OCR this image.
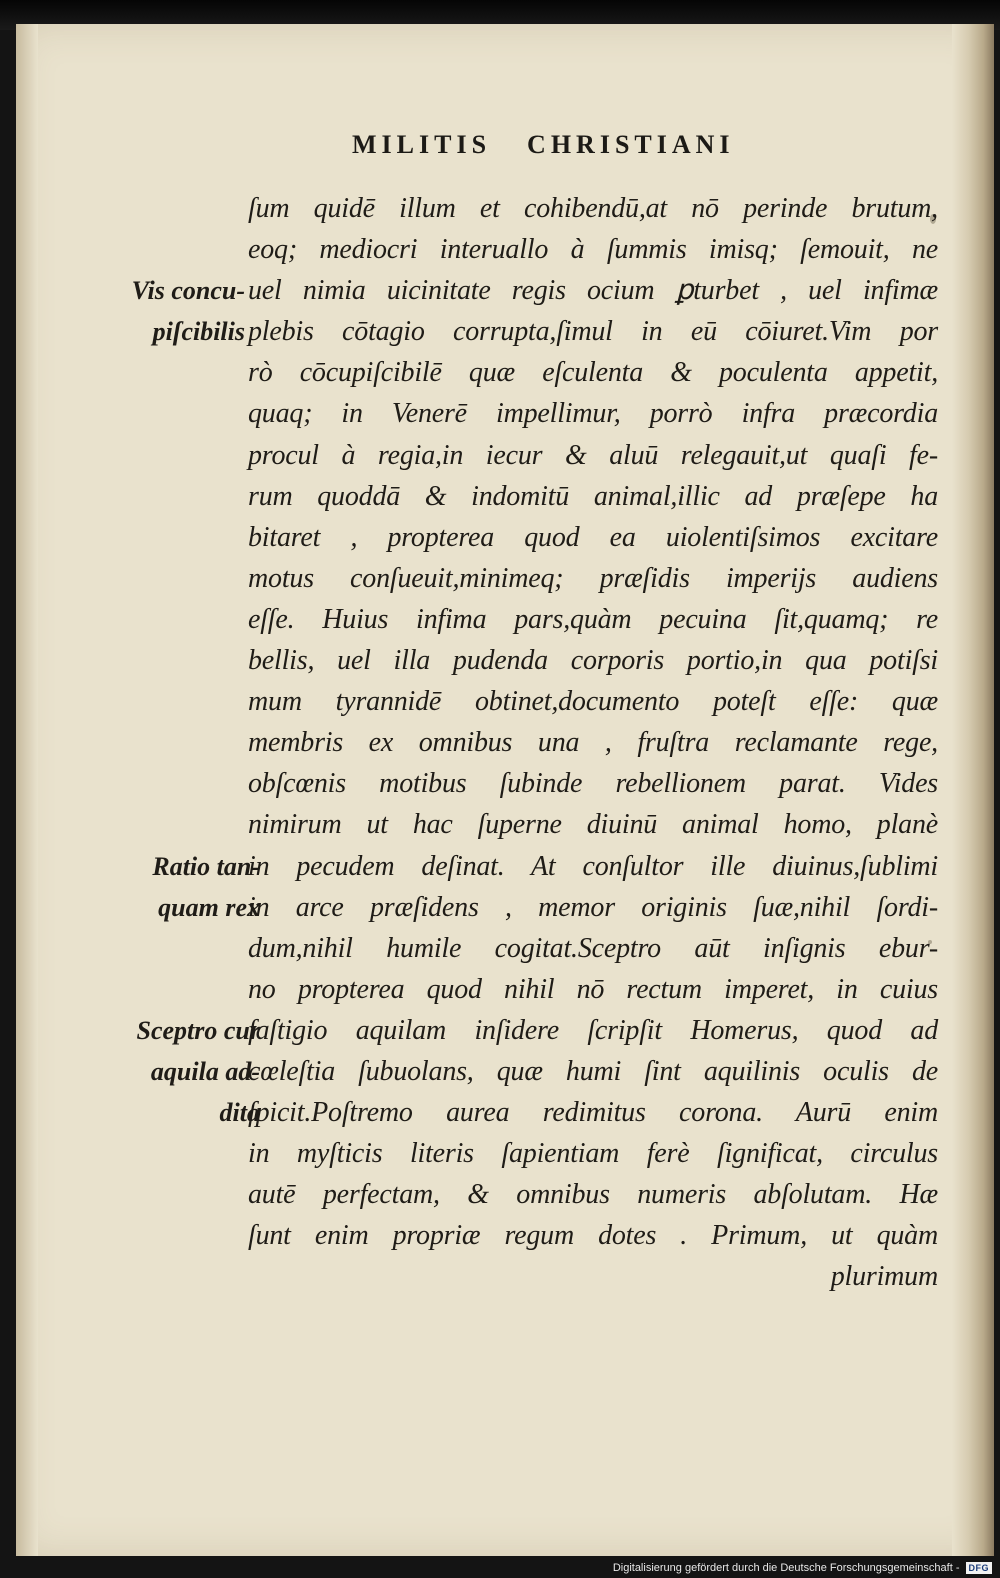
MILITIS CHRISTIANI
ſum quidē illum et cohibendū,at nō perinde brutum,
eoq; mediocri interuallo à ſummis imisq; ſemouit, ne
uel nimia uicinitate regis ocium ꝑturbet , uel infimæ
plebis cōtagio corrupta,ſimul in eū cōiuret.Vim por
rò cōcupiſcibilē quæ eſculenta & poculenta appetit,
quaq; in Venerē impellimur, porrò infra præcordia
procul à regia,in iecur & aluū relegauit,ut quaſi fe-
rum quoddā & indomitū animal,illic ad præſepe ha
bitaret , propterea quod ea uiolentiſsimos excitare
motus conſueuit,minimeq; præſidis imperijs audiens
eſſe. Huius infima pars,quàm pecuina ſit,quamq; re
bellis, uel illa pudenda corporis portio,in qua potiſsi
mum tyrannidē obtinet,documento poteſt eſſe: quæ
membris ex omnibus una , fruſtra reclamante rege,
obſcœnis motibus ſubinde rebellionem parat. Vides
nimirum ut hac ſuperne diuinū animal homo, planè
in pecudem deſinat. At conſultor ille diuinus,ſublimi
in arce præſidens , memor originis ſuæ,nihil ſordi-
dum,nihil humile cogitat.Sceptro aūt inſignis ebur-
no propterea quod nihil nō rectum imperet, in cuius
faſtigio aquilam inſidere ſcripſit Homerus, quod ad
cœleſtia ſubuolans, quæ humi ſint aquilinis oculis de
ſpicit.Poſtremo aurea redimitus corona. Aurū enim
in myſticis literis ſapientiam ferè ſignificat, circulus
autē perfectam, & omnibus numeris abſolutam. Hæ
ſunt enim propriæ regum dotes . Primum, ut quàm
plurimum
Vis concu-
piſcibilis
Ratio tan-
quam rex
Sceptro cur
aquila ad-
dita
Digitalisierung gefördert durch die Deutsche Forschungsgemeinschaft -	DFG
